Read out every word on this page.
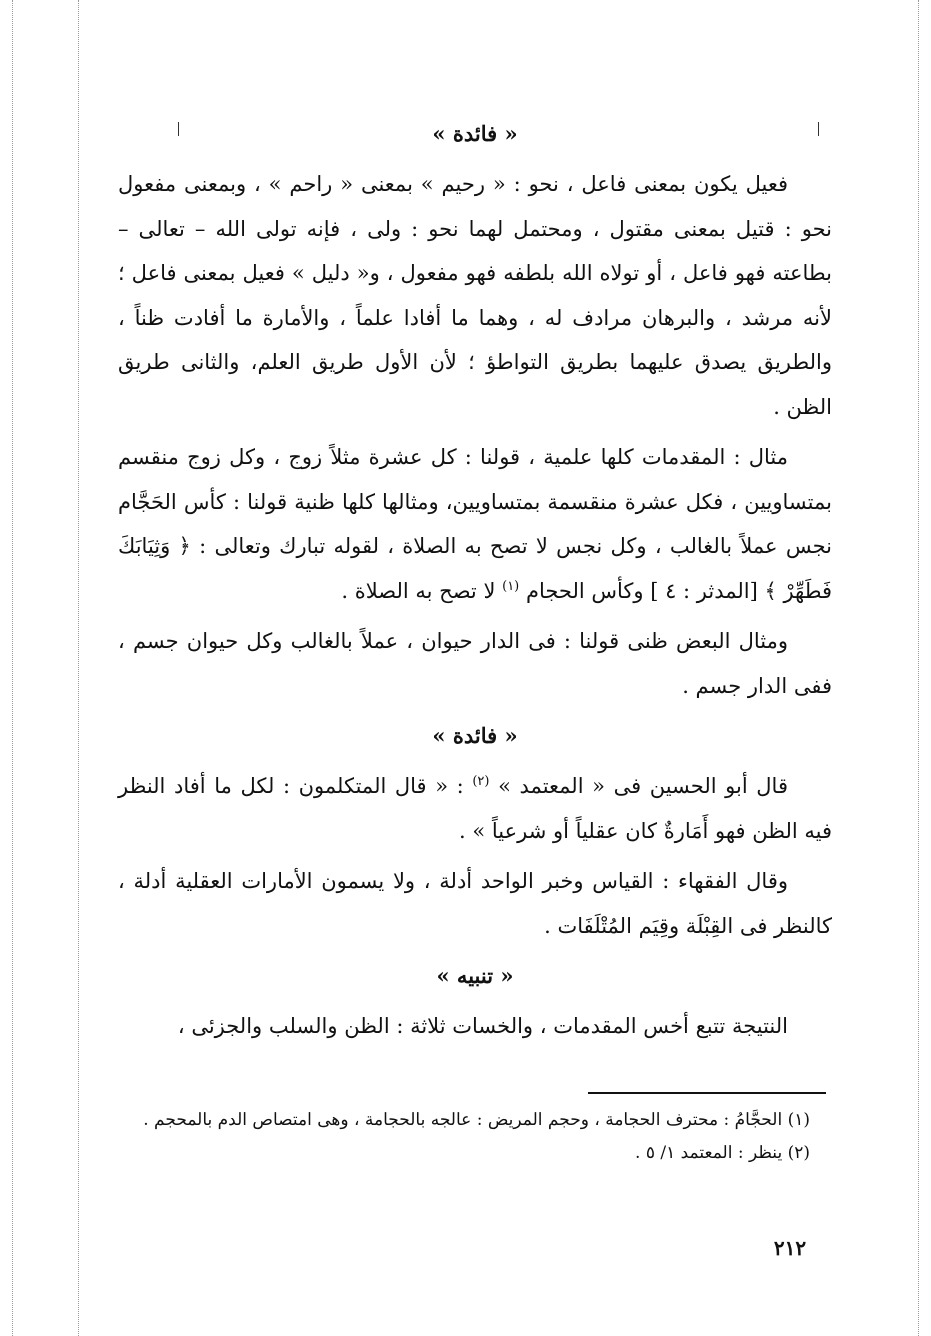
« فائدة »

فعيل يكون بمعنى فاعل ، نحو : « رحيم » بمعنى « راحم » ، وبمعنى مفعول نحو : قتيل بمعنى مقتول ، ومحتمل لهما نحو : ولى ، فإنه تولى الله – تعالى – بطاعته فهو فاعل ، أو تولاه الله بلطفه فهو مفعول ، و« دليل » فعيل بمعنى فاعل ؛ لأنه مرشد ، والبرهان مرادف له ، وهما ما أفادا علماً ، والأمارة ما أفادت ظناً ، والطريق يصدق عليهما بطريق التواطؤ ؛ لأن الأول طريق العلم، والثانى طريق الظن .

مثال : المقدمات كلها علمية ، قولنا : كل عشرة مثلاً زوج ، وكل زوج منقسم بمتساويين ، فكل عشرة منقسمة بمتساويين، ومثالها كلها ظنية قولنا : كأس الحَجَّام نجس عملاً بالغالب ، وكل نجس لا تصح به الصلاة ، لقوله تبارك وتعالى : ﴿ وَثِيَابَكَ فَطَهِّرْ ﴾ [المدثر : ٤ ] وكأس الحجام $^{(١)}$ لا تصح به الصلاة .

ومثال البعض ظنى قولنا : فى الدار حيوان ، عملاً بالغالب وكل حيوان جسم ، ففى الدار جسم .

« فائدة »

قال أبو الحسين فى « المعتمد » $^{(٢)}$ : « قال المتكلمون : لكل ما أفاد النظر فيه الظن فهو أَمَارةٌ كان عقلياً أو شرعياً » .

وقال الفقهاء : القياس وخبر الواحد أدلة ، ولا يسمون الأمارات العقلية أدلة ، كالنظر فى القِبْلَة وقِيَم المُتْلَفَات .

« تنبيه »

النتيجة تتبع أخس المقدمات ، والخسات ثلاثة : الظن والسلب والجزئى ،

(١) الحجَّامُ : محترف الحجامة ، وحجم المريض : عالجه بالحجامة ، وهى امتصاص الدم بالمحجم .

(٢) ينظر : المعتمد ١/ ٥ .

٢١٢
